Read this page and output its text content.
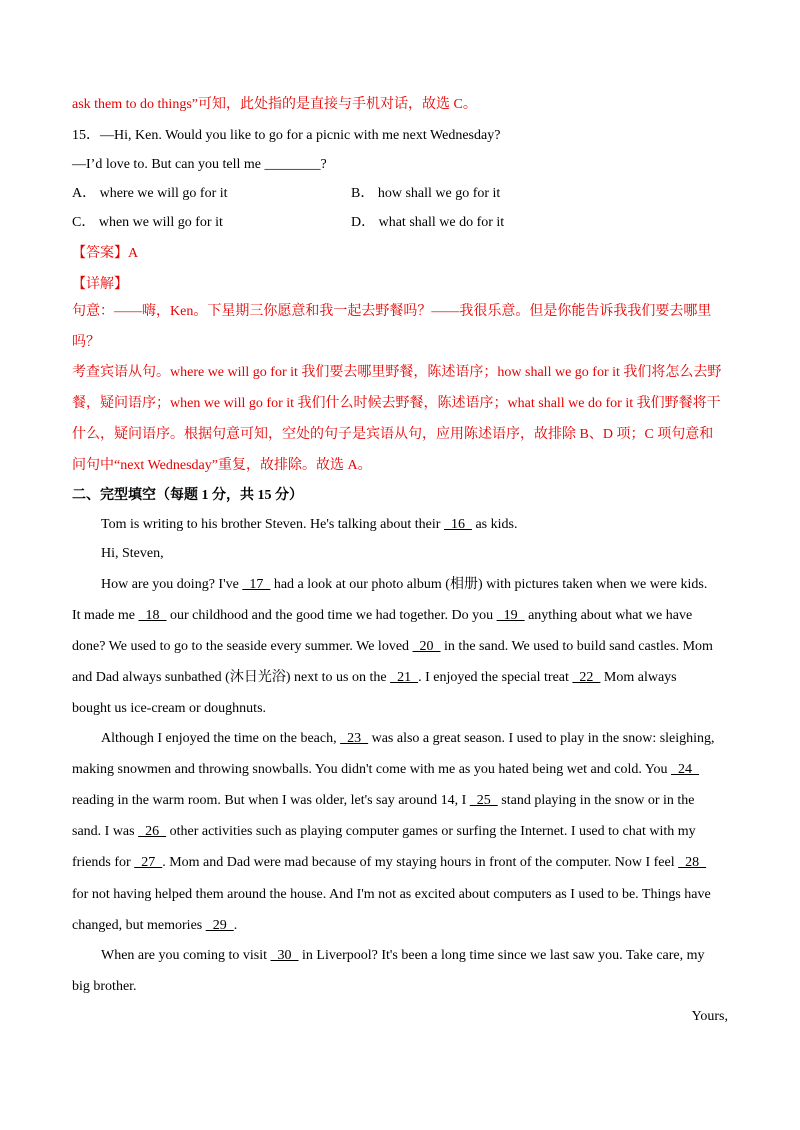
ask them to do things”可知，此处指的是直接与手机对话，故选 C。
15．—Hi, Ken. Would you like to go for a picnic with me next Wednesday?
—I’d love to. But can you tell me ________?
A． where we will go for it	B． how shall we go for it
C． when we will go for it	D． what shall we do for it
【答案】A
【详解】
句意：——嗨，Ken。下星期三你愿意和我一起去野餐吗？——我很乐意。但是你能告诉我我们要去哪里
吗？
考查宾语从句。where we will go for it 我们要去哪里野餐，陈述语序；how shall we go for it 我们将怎么去野
餐，疑问语序；when we will go for it 我们什么时候去野餐，陈述语序；what shall we do for it 我们野餐将干
什么，疑问语序。根据句意可知，空处的句子是宾语从句，应用陈述语序，故排除 B、D 项；C 项句意和
问句中“next Wednesday”重复，故排除。故选 A。
二、完型填空（每题 1 分，共 15 分）
Tom is writing to his brother Steven. He's talking about their   16   as kids.
Hi, Steven,
How are you doing? I've   17   had a look at our photo album (相册) with pictures taken when we were kids.
It made me   18   our childhood and the good time we had together. Do you   19   anything about what we have
done? We used to go to the seaside every summer. We loved   20   in the sand. We used to build sand castles. Mom
and Dad always sunbathed (沐日光浴) next to us on the   21  . I enjoyed the special treat   22   Mom always
bought us ice-cream or doughnuts.
Although I enjoyed the time on the beach,   23   was also a great season. I used to play in the snow: sleighing,
making snowmen and throwing snowballs. You didn't come with me as you hated being wet and cold. You   24
reading in the warm room. But when I was older, let's say around 14, I   25   stand playing in the snow or in the
sand. I was   26   other activities such as playing computer games or surfing the Internet. I used to chat with my
friends for   27  . Mom and Dad were mad because of my staying hours in front of the computer. Now I feel   28
for not having helped them around the house. And I'm not as excited about computers as I used to be. Things have
changed, but memories   29  .
When are you coming to visit   30   in Liverpool? It's been a long time since we last saw you. Take care, my
big brother.
Yours,
